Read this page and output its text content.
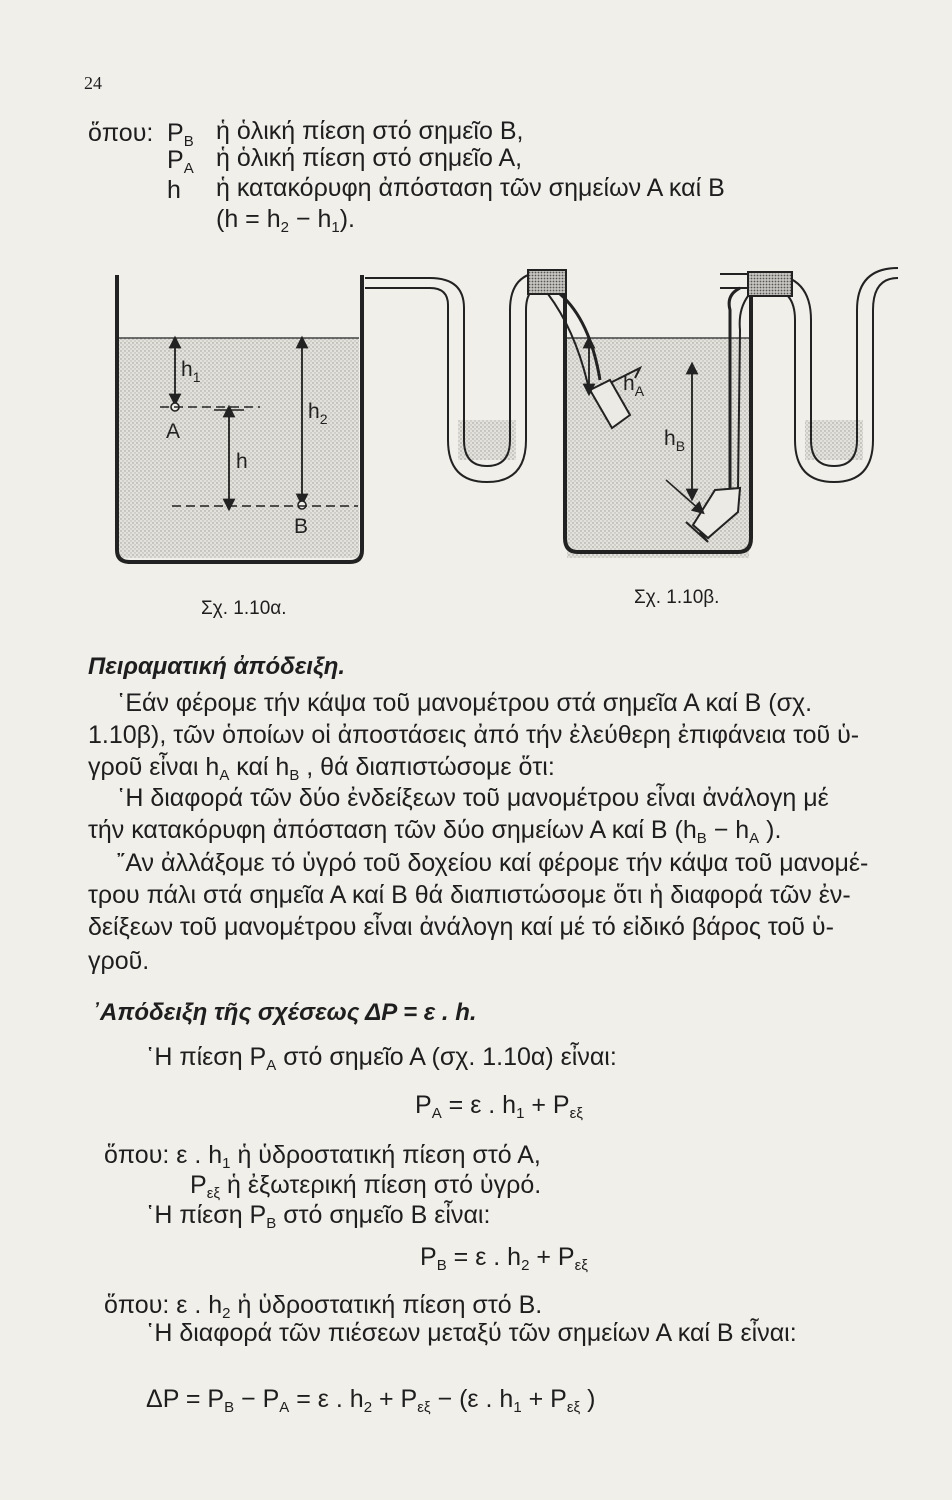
24
ὅπου: $P_B$ ἡ ὁλική πίεση στό σημεῖο Β,
$P_A$ ἡ ὁλική πίεση στό σημεῖο Α,
h ἡ κατακόρυφη ἀπόσταση τῶν σημείων Α καί Β
$(h = h_2 - h_1)$.
$h_1$
A
h
$h_2$
B
$h_A$
$h_B$
Σχ. 1.10α.
Σχ. 1.10β.
Πειραματική ἀπόδειξη.
῾Εάν φέρομε τήν κάψα τοῦ μανομέτρου στά σημεῖα Α καί Β (σχ.
1.10β), τῶν ὁποίων οἱ ἀποστάσεις ἀπό τήν ἐλεύθερη ἐπιφάνεια τοῦ ὑ-
γροῦ εἶναι $h_A$ καί $h_B$ , θά διαπιστώσομε ὅτι:
῾Η διαφορά τῶν δύο ἐνδείξεων τοῦ μανομέτρου εἶναι ἀνάλογη μέ
τήν κατακόρυφη ἀπόσταση τῶν δύο σημείων Α καί Β ($h_B - h_A$ ).
῎Αν ἀλλάξομε τό ὑγρό τοῦ δοχείου καί φέρομε τήν κάψα τοῦ μανομέ-
τρου πάλι στά σημεῖα Α καί Β θά διαπιστώσομε ὅτι ἡ διαφορά τῶν ἐν-
δείξεων τοῦ μανομέτρου εἶναι ἀνάλογη καί μέ τό εἰδικό βάρος τοῦ ὑ-
γροῦ.
᾿Απόδειξη τῆς σχέσεως ΔP = ε . h.
῾Η πίεση $P_A$ στό σημεῖο Α (σχ. 1.10α) εἶναι:
$P_A = \varepsilon$ . $h_1 + P_{\varepsilon\xi}$
ὅπου: ε . $h_1$ ἡ ὑδροστατική πίεση στό Α,
$P_{\varepsilon\xi}$ ἡ ἐξωτερική πίεση στό ὑγρό.
῾Η πίεση $P_B$ στό σημεῖο Β εἶναι:
$P_B = \varepsilon$ . $h_2 + P_{\varepsilon\xi}$
ὅπου: ε . $h_2$ ἡ ὑδροστατική πίεση στό Β.
῾Η διαφορά τῶν πιέσεων μεταξύ τῶν σημείων Α καί Β εἶναι:
$\Delta P = P_B - P_A = \varepsilon$ . $h_2 + P_{\varepsilon\xi} - (\varepsilon$ . $h_1 + P_{\varepsilon\xi}$ )
